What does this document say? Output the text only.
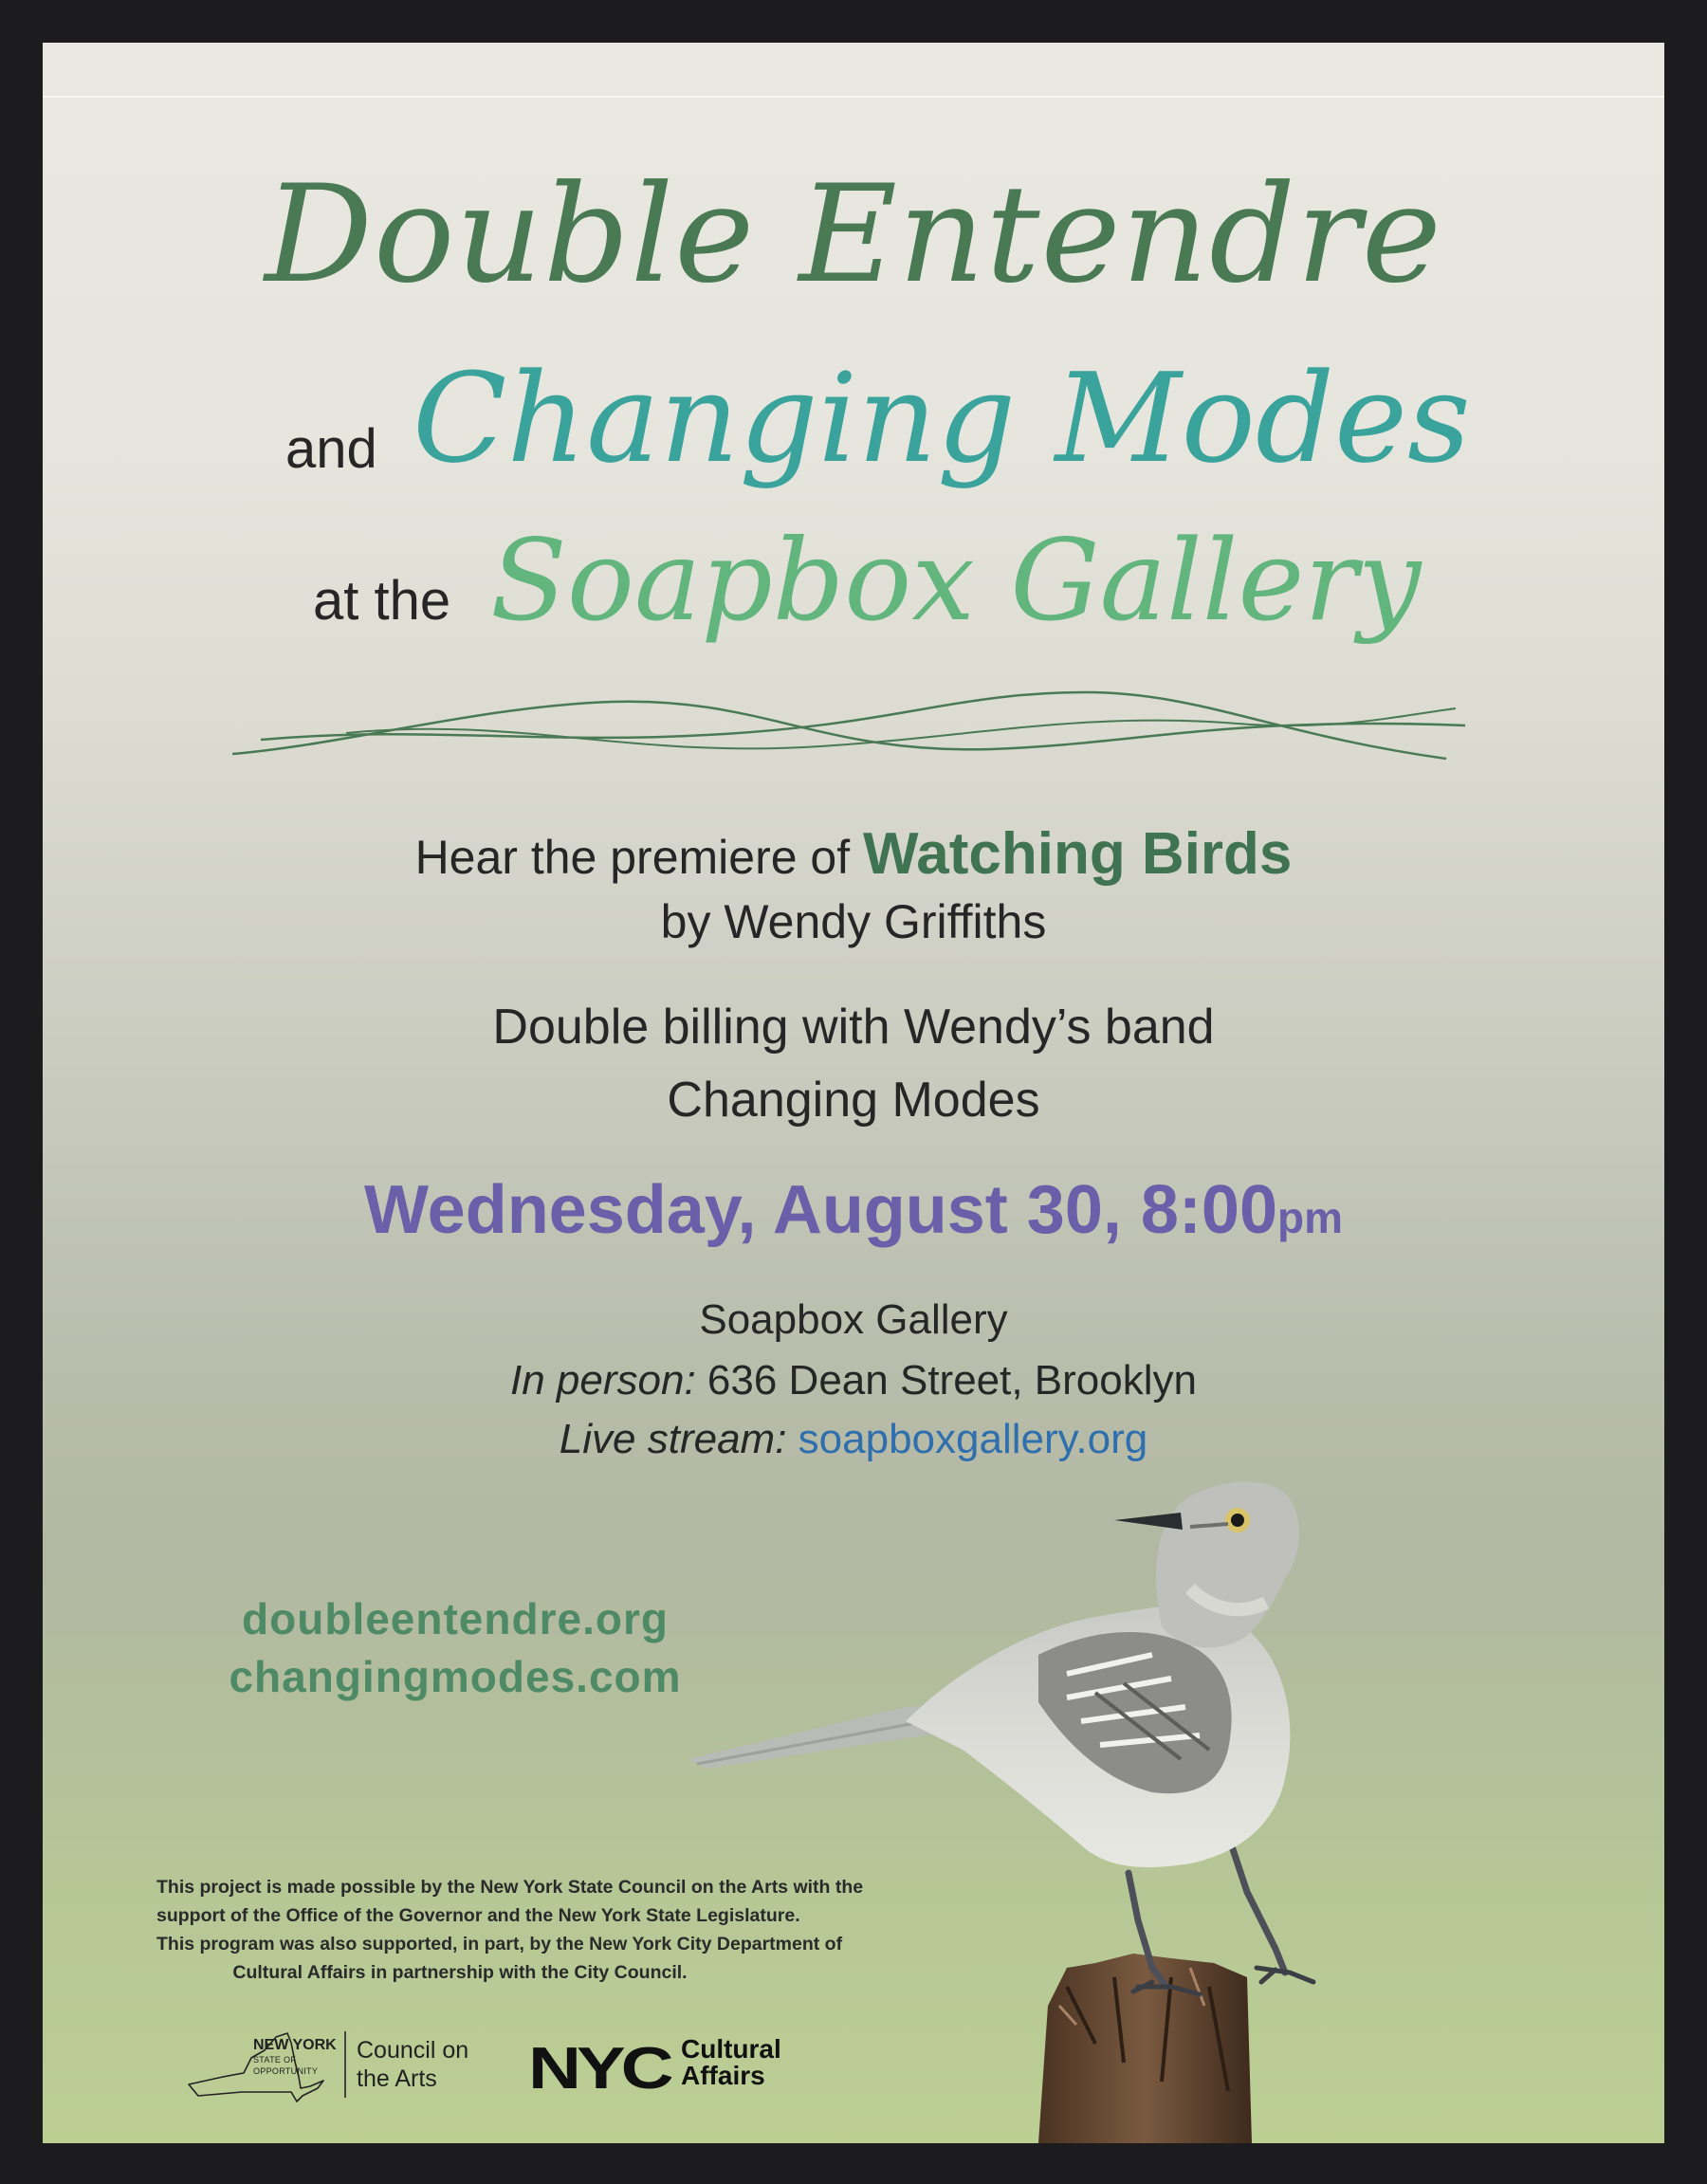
Double Entendre
and Changing Modes
at the Soapbox Gallery
Hear the premiere of Watching Birds
by Wendy Griffiths
Double billing with Wendy’s band
Changing Modes
Wednesday, August 30, 8:00pm
Soapbox Gallery
In person: 636 Dean Street, Brooklyn
Live stream: soapboxgallery.org
doubleentendre.org
changingmodes.com
This project is made possible by the New York State Council on the Arts with the
support of the Office of the Governor and the New York State Legislature.
This program was also supported, in part, by the New York City Department of
Cultural Affairs in partnership with the City Council.
NEW YORK
STATE OF
OPPORTUNITY
Council on
the Arts	NYC Cultural
Affairs
